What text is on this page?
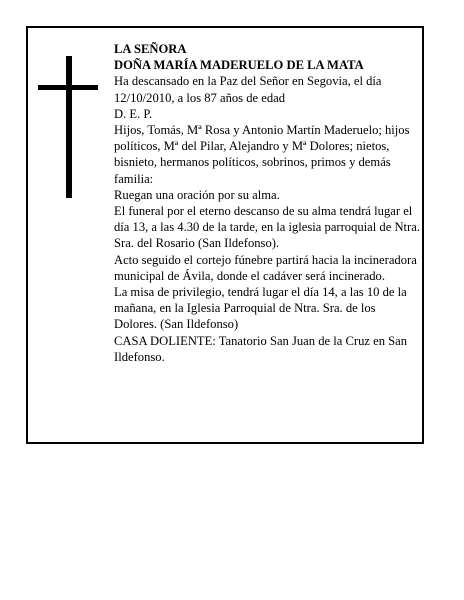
LA SEÑORA

DOÑA MARÍA MADERUELO DE LA MATA

Ha descansado en la Paz del Señor en Segovia, el día 12/10/2010, a los 87 años de edad

D. E. P.

Hijos, Tomás, Mª Rosa y Antonio Martín Maderuelo; hijos políticos, Mª del Pilar, Alejandro y Mª Dolores; nietos, bisnieto, hermanos políticos, sobrinos, primos y demás familia:

Ruegan una oración por su alma.

El funeral por el eterno descanso de su alma tendrá lugar el día 13, a las 4.30 de la tarde, en la iglesia parroquial de Ntra. Sra. del Rosario (San Ildefonso).

Acto seguido el cortejo fúnebre partirá hacia la incineradora municipal de Ávila, donde el cadáver será incinerado.

La misa de privilegio, tendrá lugar el día 14, a las 10 de la mañana, en la Iglesia Parroquial de Ntra. Sra. de los Dolores. (San Ildefonso)

CASA DOLIENTE: Tanatorio San Juan de la Cruz en San Ildefonso.
